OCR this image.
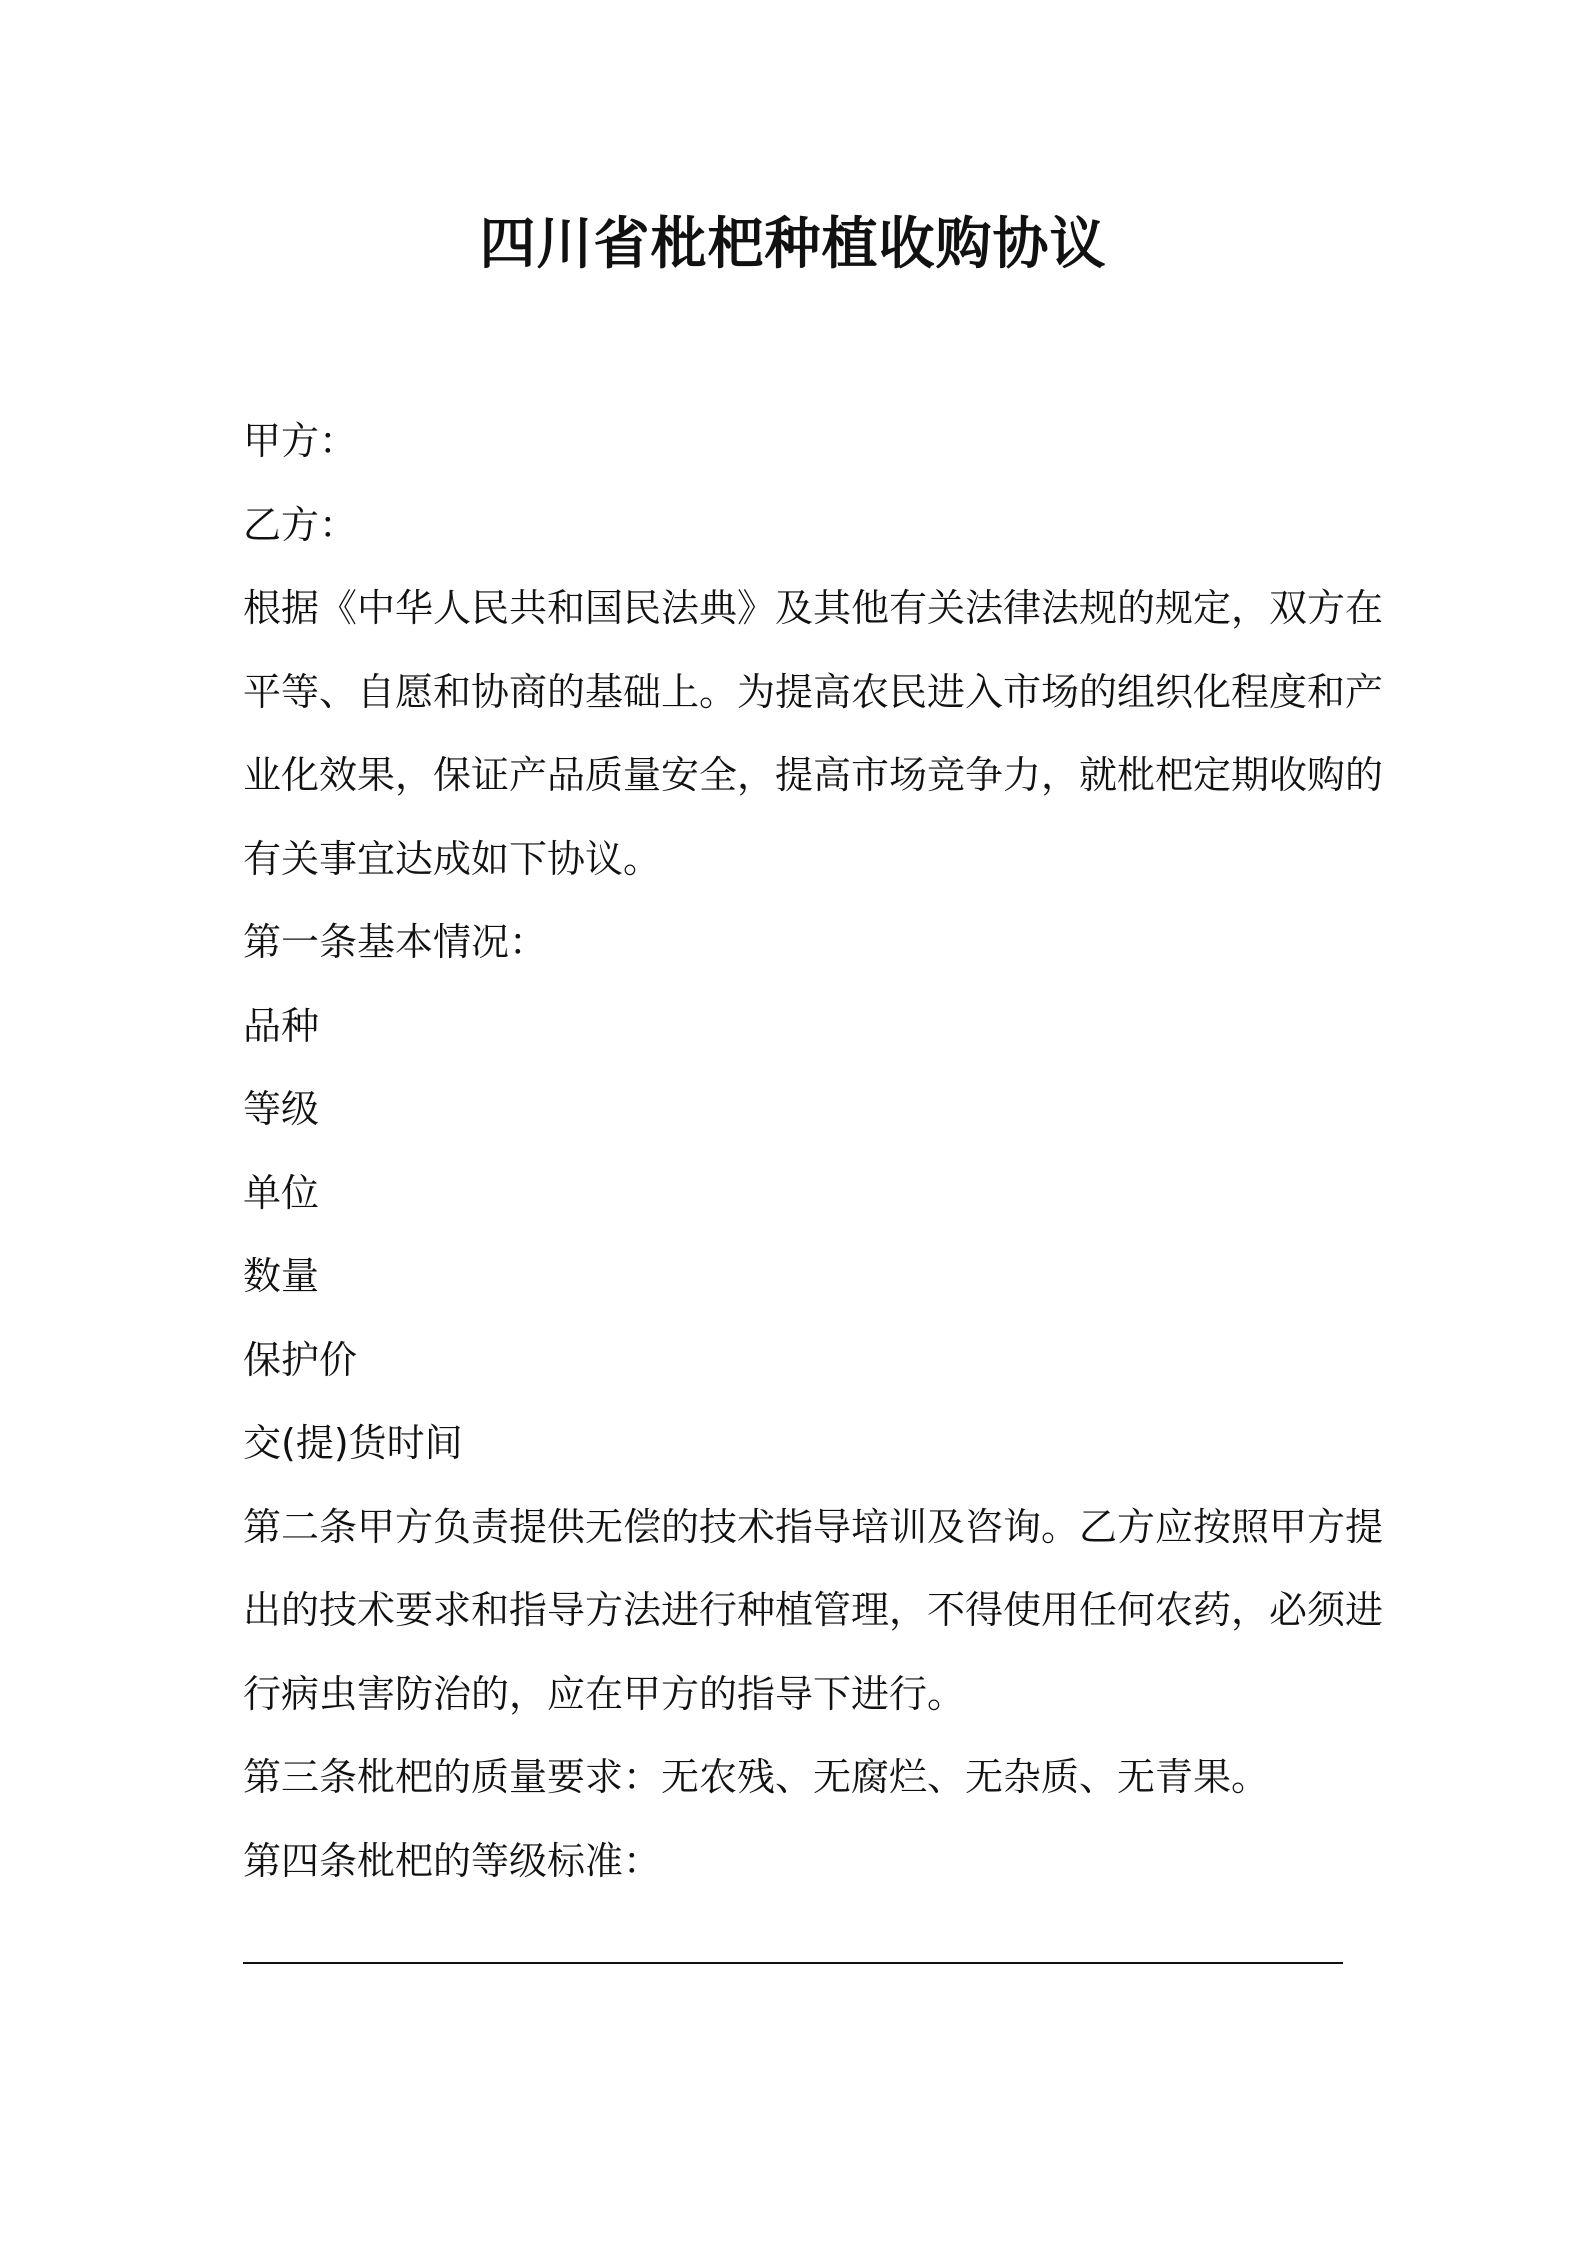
四川省枇杷种植收购协议
甲方：
乙方：
根据《中华人民共和国民法典》及其他有关法律法规的规定，双方在
平等、自愿和协商的基础上。为提高农民进入市场的组织化程度和产
业化效果，保证产品质量安全，提高市场竞争力，就枇杷定期收购的
有关事宜达成如下协议。
第一条基本情况：
品种
等级
单位
数量
保护价
交(提)货时间
第二条甲方负责提供无偿的技术指导培训及咨询。乙方应按照甲方提
出的技术要求和指导方法进行种植管理，不得使用任何农药，必须进
行病虫害防治的，应在甲方的指导下进行。
第三条枇杷的质量要求：无农残、无腐烂、无杂质、无青果。
第四条枇杷的等级标准：
